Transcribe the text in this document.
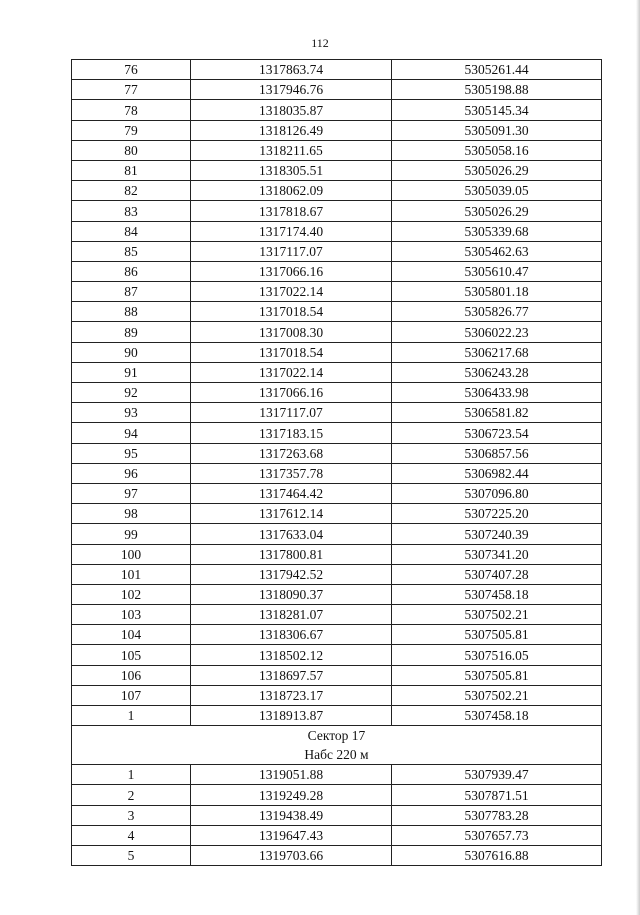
112
76	1317863.74	5305261.44
77	1317946.76	5305198.88
78	1318035.87	5305145.34
79	1318126.49	5305091.30
80	1318211.65	5305058.16
81	1318305.51	5305026.29
82	1318062.09	5305039.05
83	1317818.67	5305026.29
84	1317174.40	5305339.68
85	1317117.07	5305462.63
86	1317066.16	5305610.47
87	1317022.14	5305801.18
88	1317018.54	5305826.77
89	1317008.30	5306022.23
90	1317018.54	5306217.68
91	1317022.14	5306243.28
92	1317066.16	5306433.98
93	1317117.07	5306581.82
94	1317183.15	5306723.54
95	1317263.68	5306857.56
96	1317357.78	5306982.44
97	1317464.42	5307096.80
98	1317612.14	5307225.20
99	1317633.04	5307240.39
100	1317800.81	5307341.20
101	1317942.52	5307407.28
102	1318090.37	5307458.18
103	1318281.07	5307502.21
104	1318306.67	5307505.81
105	1318502.12	5307516.05
106	1318697.57	5307505.81
107	1318723.17	5307502.21
1	1318913.87	5307458.18

Сектор 17
Набс 220 м		

1	1319051.88	5307939.47
2	1319249.28	5307871.51
3	1319438.49	5307783.28
4	1319647.43	5307657.73
5	1319703.66	5307616.88
